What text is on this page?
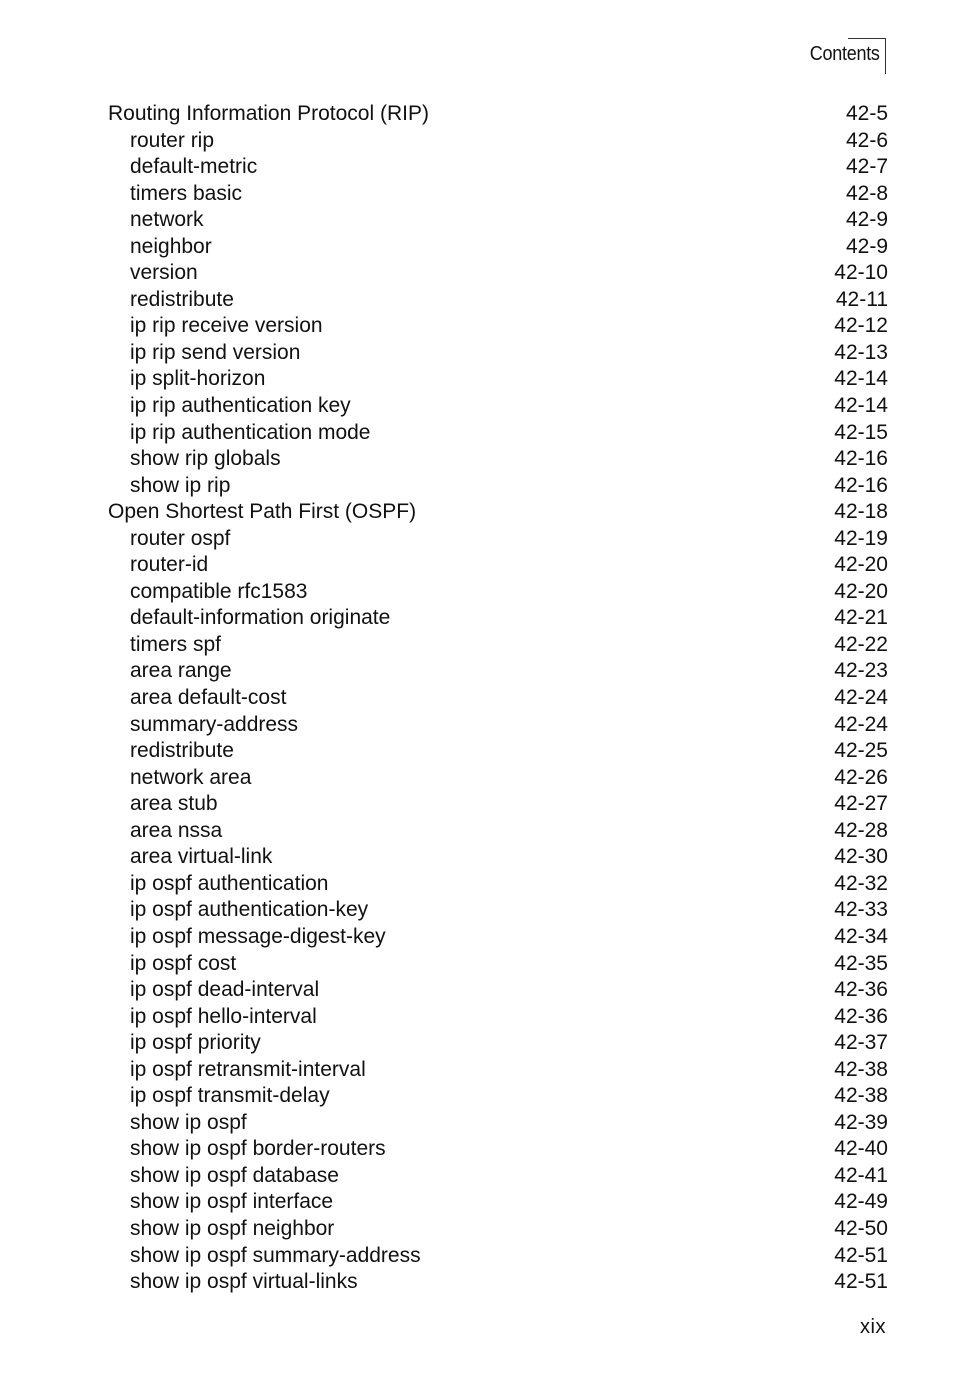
Contents
Routing Information Protocol (RIP)	42-5
router rip	42-6
default-metric	42-7
timers basic	42-8
network	42-9
neighbor	42-9
version	42-10
redistribute	42-11
ip rip receive version	42-12
ip rip send version	42-13
ip split-horizon	42-14
ip rip authentication key	42-14
ip rip authentication mode	42-15
show rip globals	42-16
show ip rip	42-16
Open Shortest Path First (OSPF)	42-18
router ospf	42-19
router-id	42-20
compatible rfc1583	42-20
default-information originate	42-21
timers spf	42-22
area range	42-23
area default-cost	42-24
summary-address	42-24
redistribute	42-25
network area	42-26
area stub	42-27
area nssa	42-28
area virtual-link	42-30
ip ospf authentication	42-32
ip ospf authentication-key	42-33
ip ospf message-digest-key	42-34
ip ospf cost	42-35
ip ospf dead-interval	42-36
ip ospf hello-interval	42-36
ip ospf priority	42-37
ip ospf retransmit-interval	42-38
ip ospf transmit-delay	42-38
show ip ospf	42-39
show ip ospf border-routers	42-40
show ip ospf database	42-41
show ip ospf interface	42-49
show ip ospf neighbor	42-50
show ip ospf summary-address	42-51
show ip ospf virtual-links	42-51
xix
